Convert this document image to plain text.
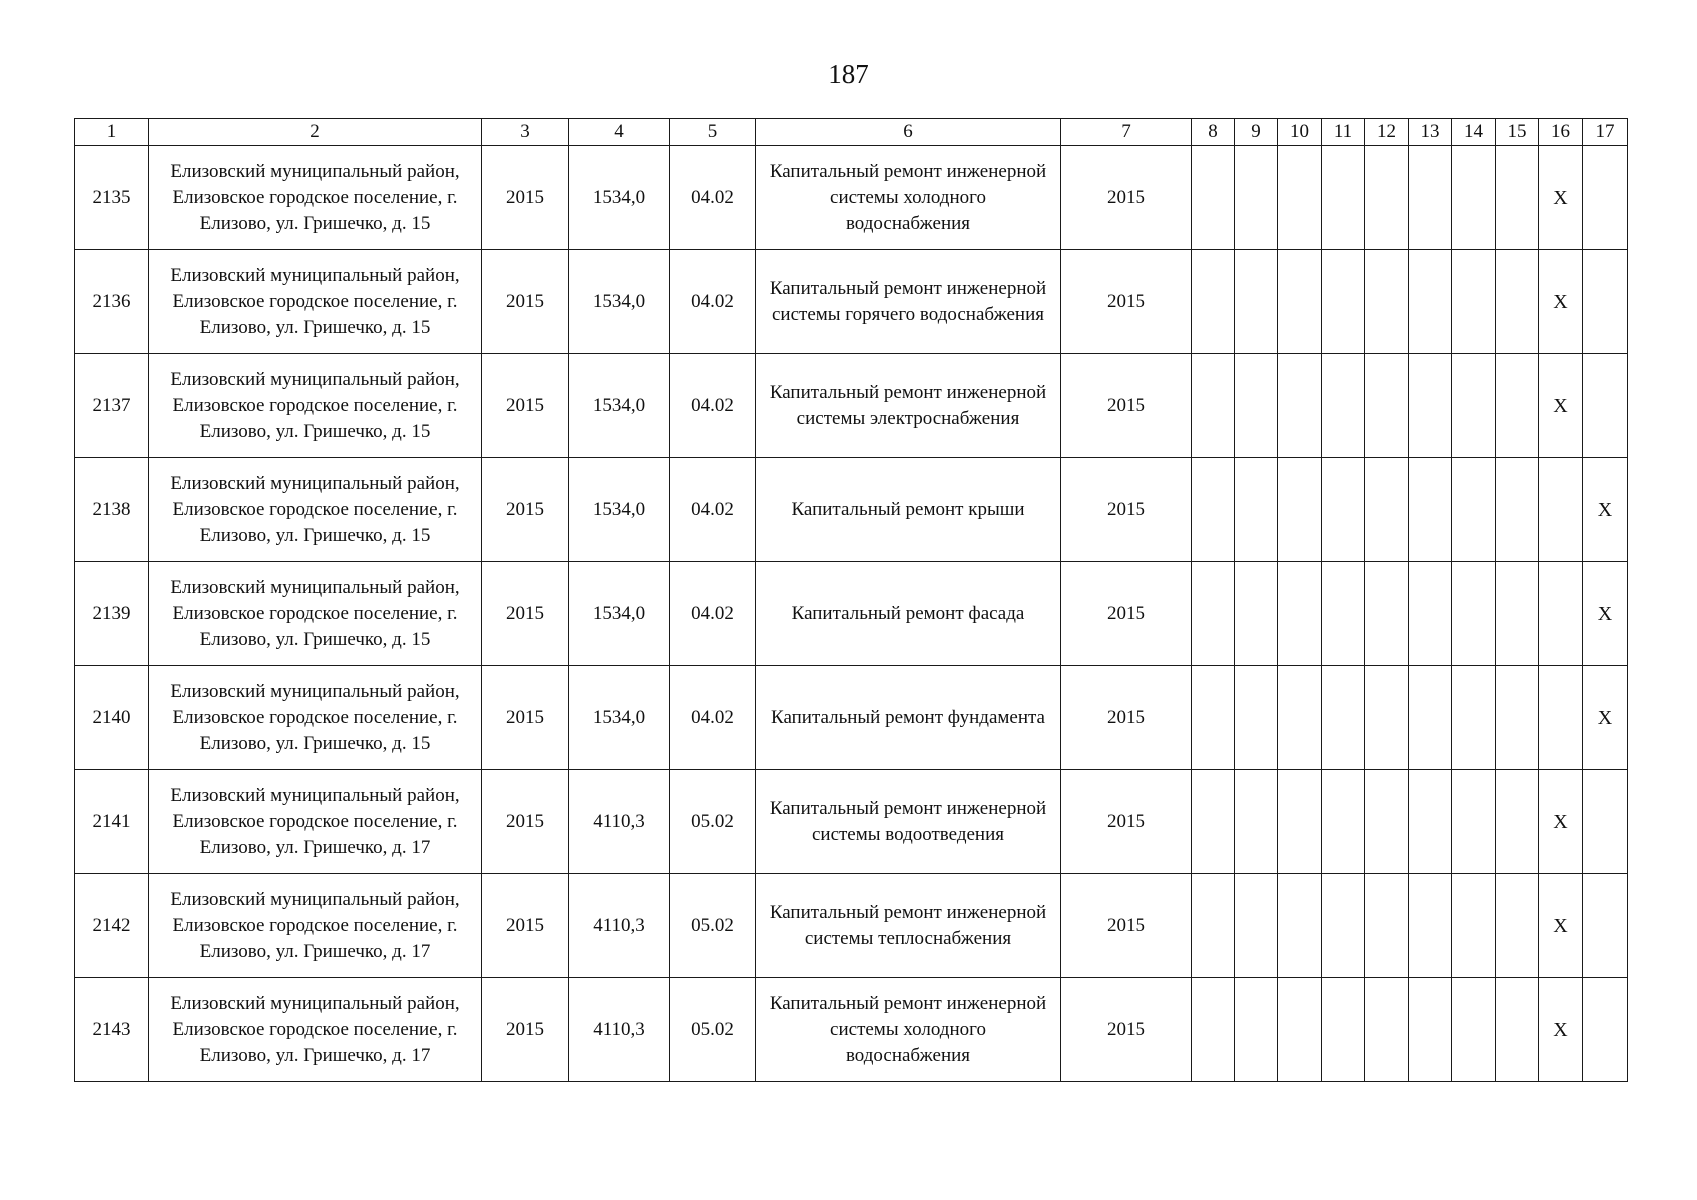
187
1	2	3	4	5	6	7	8	9	10	11	12	13	14	15	16	17
2135	Елизовский муниципальный район, Елизовское городское поселение, г. Елизово, ул. Гришечко, д. 15	2015	1534,0	04.02	Капитальный ремонт инженерной системы холодного водоснабжения	2015									Х	
2136	Елизовский муниципальный район, Елизовское городское поселение, г. Елизово, ул. Гришечко, д. 15	2015	1534,0	04.02	Капитальный ремонт инженерной системы горячего водоснабжения	2015									Х	
2137	Елизовский муниципальный район, Елизовское городское поселение, г. Елизово, ул. Гришечко, д. 15	2015	1534,0	04.02	Капитальный ремонт инженерной системы электроснабжения	2015									Х	
2138	Елизовский муниципальный район, Елизовское городское поселение, г. Елизово, ул. Гришечко, д. 15	2015	1534,0	04.02	Капитальный ремонт крыши	2015										Х
2139	Елизовский муниципальный район, Елизовское городское поселение, г. Елизово, ул. Гришечко, д. 15	2015	1534,0	04.02	Капитальный ремонт фасада	2015										Х
2140	Елизовский муниципальный район, Елизовское городское поселение, г. Елизово, ул. Гришечко, д. 15	2015	1534,0	04.02	Капитальный ремонт фундамента	2015										Х
2141	Елизовский муниципальный район, Елизовское городское поселение, г. Елизово, ул. Гришечко, д. 17	2015	4110,3	05.02	Капитальный ремонт инженерной системы водоотведения	2015									Х	
2142	Елизовский муниципальный район, Елизовское городское поселение, г. Елизово, ул. Гришечко, д. 17	2015	4110,3	05.02	Капитальный ремонт инженерной системы теплоснабжения	2015									Х	
2143	Елизовский муниципальный район, Елизовское городское поселение, г. Елизово, ул. Гришечко, д. 17	2015	4110,3	05.02	Капитальный ремонт инженерной системы холодного водоснабжения	2015									Х	
